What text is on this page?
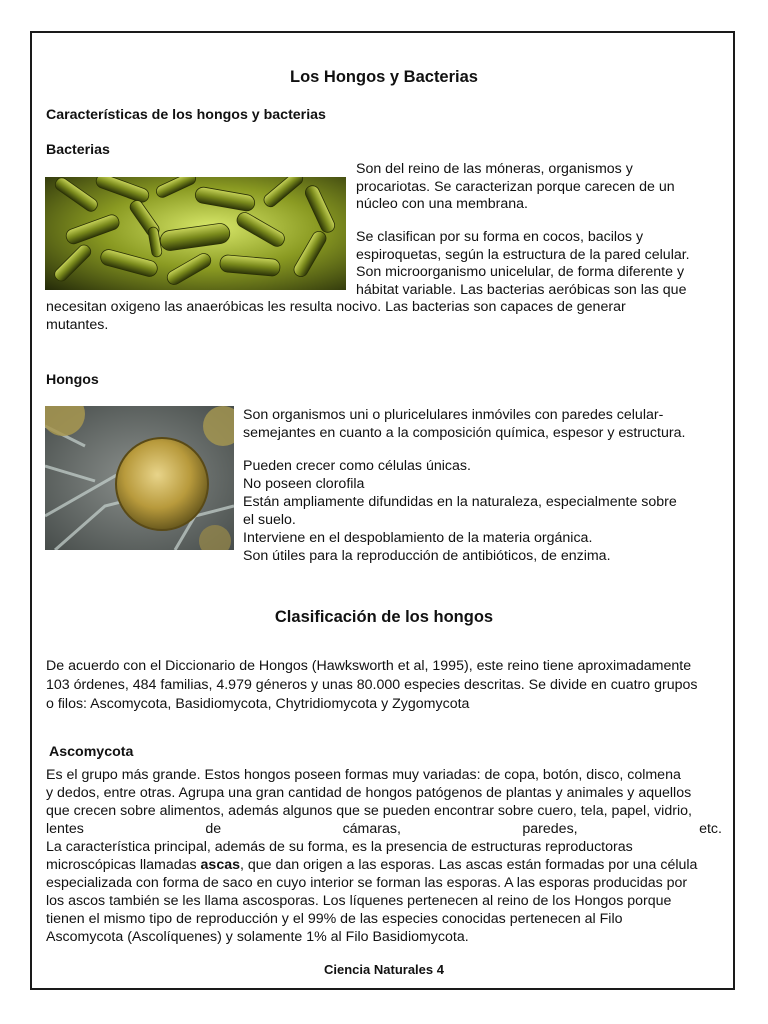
Los Hongos y Bacterias
Características de los hongos y bacterias
Bacterias
Son del reino de las móneras, organismos y
procariotas. Se caracterizan porque carecen de un
núcleo con una membrana.
Se clasifican por su forma en cocos, bacilos y
espiroquetas, según la estructura de la pared celular.
Son microorganismo unicelular, de forma diferente y
hábitat variable. Las bacterias aeróbicas son las que
necesitan oxigeno las anaeróbicas les resulta nocivo. Las bacterias son capaces de generar
mutantes.
Hongos
Son organismos uni o pluricelulares inmóviles con paredes celular-
semejantes en cuanto a la composición química, espesor y estructura.
Pueden crecer como células únicas.
No poseen clorofila
Están ampliamente difundidas en la naturaleza, especialmente sobre
el suelo.
Interviene en el despoblamiento de la materia orgánica.
Son útiles para la reproducción de antibióticos, de enzima.
Clasificación de los hongos
De acuerdo con el Diccionario de Hongos (Hawksworth et al, 1995), este reino tiene aproximadamente
103 órdenes, 484 familias, 4.979 géneros y unas 80.000 especies descritas. Se divide en cuatro grupos
o filos: Ascomycota, Basidiomycota, Chytridiomycota y Zygomycota
Ascomycota
Es el grupo más grande. Estos hongos poseen formas muy variadas: de copa, botón, disco, colmena
y dedos, entre otras. Agrupa una gran cantidad de hongos patógenos de plantas y animales y aquellos
que crecen sobre alimentos, además algunos que se pueden encontrar sobre cuero, tela, papel, vidrio,
lentes	de	cámaras,	paredes,	etc.
La característica principal, además de su forma, es la presencia de estructuras reproductoras
microscópicas llamadas ascas, que dan origen a las esporas. Las ascas están formadas por una célula
especializada con forma de saco en cuyo interior se forman las esporas. A las esporas producidas por
los ascos también se les llama ascosporas. Los líquenes pertenecen al reino de los Hongos porque
tienen el mismo tipo de reproducción y el 99% de las especies conocidas pertenecen al Filo
Ascomycota (Ascolíquenes) y solamente 1% al Filo Basidiomycota.
Ciencia Naturales 4
